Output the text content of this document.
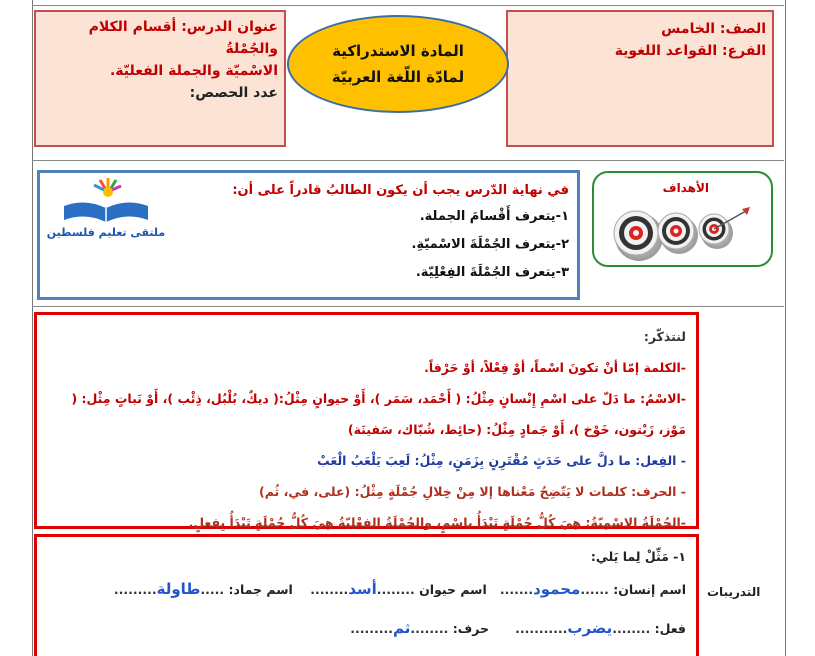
الصف: الخامس
الفرع: القواعد اللغوية
المادة الاستدراكية
لمادّة اللّغة العربيّة
عنوان الدرس: أقسام الكلام والجُمْلةُ
الاسْميّة والجملة الفعليّة.
عدد الحصص:
الأهداف
في نهاية الدّرس يجب أن يكون الطالبُ قادراً على أن:
١-يتعرف أَقْسامَ الجملة.
٢-يتعرف الجُمْلَةَ الاسْميّةِ.
٣-يتعرف الجُمْلَةَ الفِعْلِيّة.
ملتقى تعليم فلسطين
لنتذكّر:
-الكلمة إمّا أنْ تكونَ اسْماً، أوْ فِعْلاً، أوْ حَرْفاً.
-الاسْمُ: ما دَلّ على اسْمِ إِنْسانٍ مِثْلُ: ( أَحْمَد، سَمَر )، أَوْ حيوانٍ مِثْلُ:( ديكٌ، بُلْبُل، ذِئْب )، أَوْ نَباتٍ مِثْل: (
مَوْز، زَيْتون، خَوْخ )، أَوْ جَمادٍ مِثْلُ: (حائِط، شُبّاك، سَفينَة)
- الفِعل: ما دلَّ على حَدَثٍ مُقْتَرِنٍ بِزَمَنٍ، مِثْلُ: لَعِبَ يَلْعَبُ الْعَبْ
- الحرف: كلمات لا يَتّضِحُ مَعْناها إلا مِنْ خِلالِ جُمْلَةٍ مِثْلُ: (على، في، ثُم)
-الجُمْلَةُ الاسْمِيّةُ: هِيَ كُلُّ جُمْلَةٍ تَبْدَأُ باسْمٍ، والجُمْلَةُ الفِعْلِيّةُ هِيَ كُلُّ جُمْلَةٍ تَبْدَأُ بِفِعلٍ.
١- مَثِّلْ لِما يَلي:
اسم إنسان: ......محمود.......   اسم حيوان ........أسد........    اسم جماد: .....طاولة.........
فعل: ........يضرب...........      حرف: ........ثم.........
التدريبات
